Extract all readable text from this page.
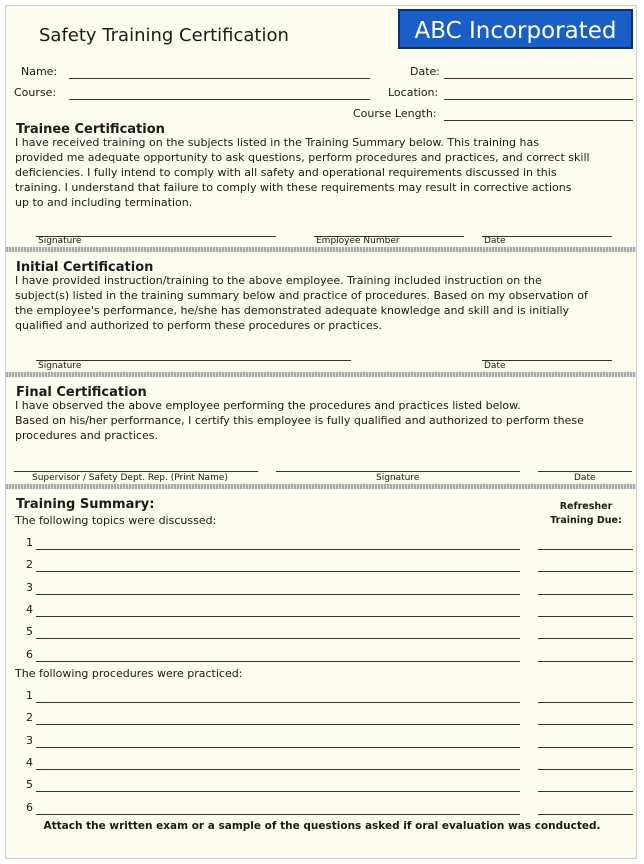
Safety Training Certification	ABC Incorporated
Name:	Date:
Course:	Location:
Course Length:
Trainee Certification
I have received training on the subjects listed in the Training Summary below. This training has
provided me adequate opportunity to ask questions, perform procedures and practices, and correct skill
deficiencies. I fully intend to comply with all safety and operational requirements discussed in this
training. I understand that failure to comply with these requirements may result in corrective actions
up to and including termination.
Signature	Employee Number	Date
Initial Certification
I have provided instruction/training to the above employee. Training included instruction on the
subject(s) listed in the training summary below and practice of procedures. Based on my observation of
the employee's performance, he/she has demonstrated adequate knowledge and skill and is initially
qualified and authorized to perform these procedures or practices.
Signature	Date
Final Certification
I have observed the above employee performing the procedures and practices listed below.
Based on his/her performance, I certify this employee is fully qualified and authorized to perform these
procedures and practices.
Supervisor / Safety Dept. Rep. (Print Name)	Signature	Date
Training Summary:
The following topics were discussed:
Refresher
Training Due:
1
2
3
4
5
6
The following procedures were practiced:
1
2
3
4
5
6
Attach the written exam or a sample of the questions asked if oral evaluation was conducted.
